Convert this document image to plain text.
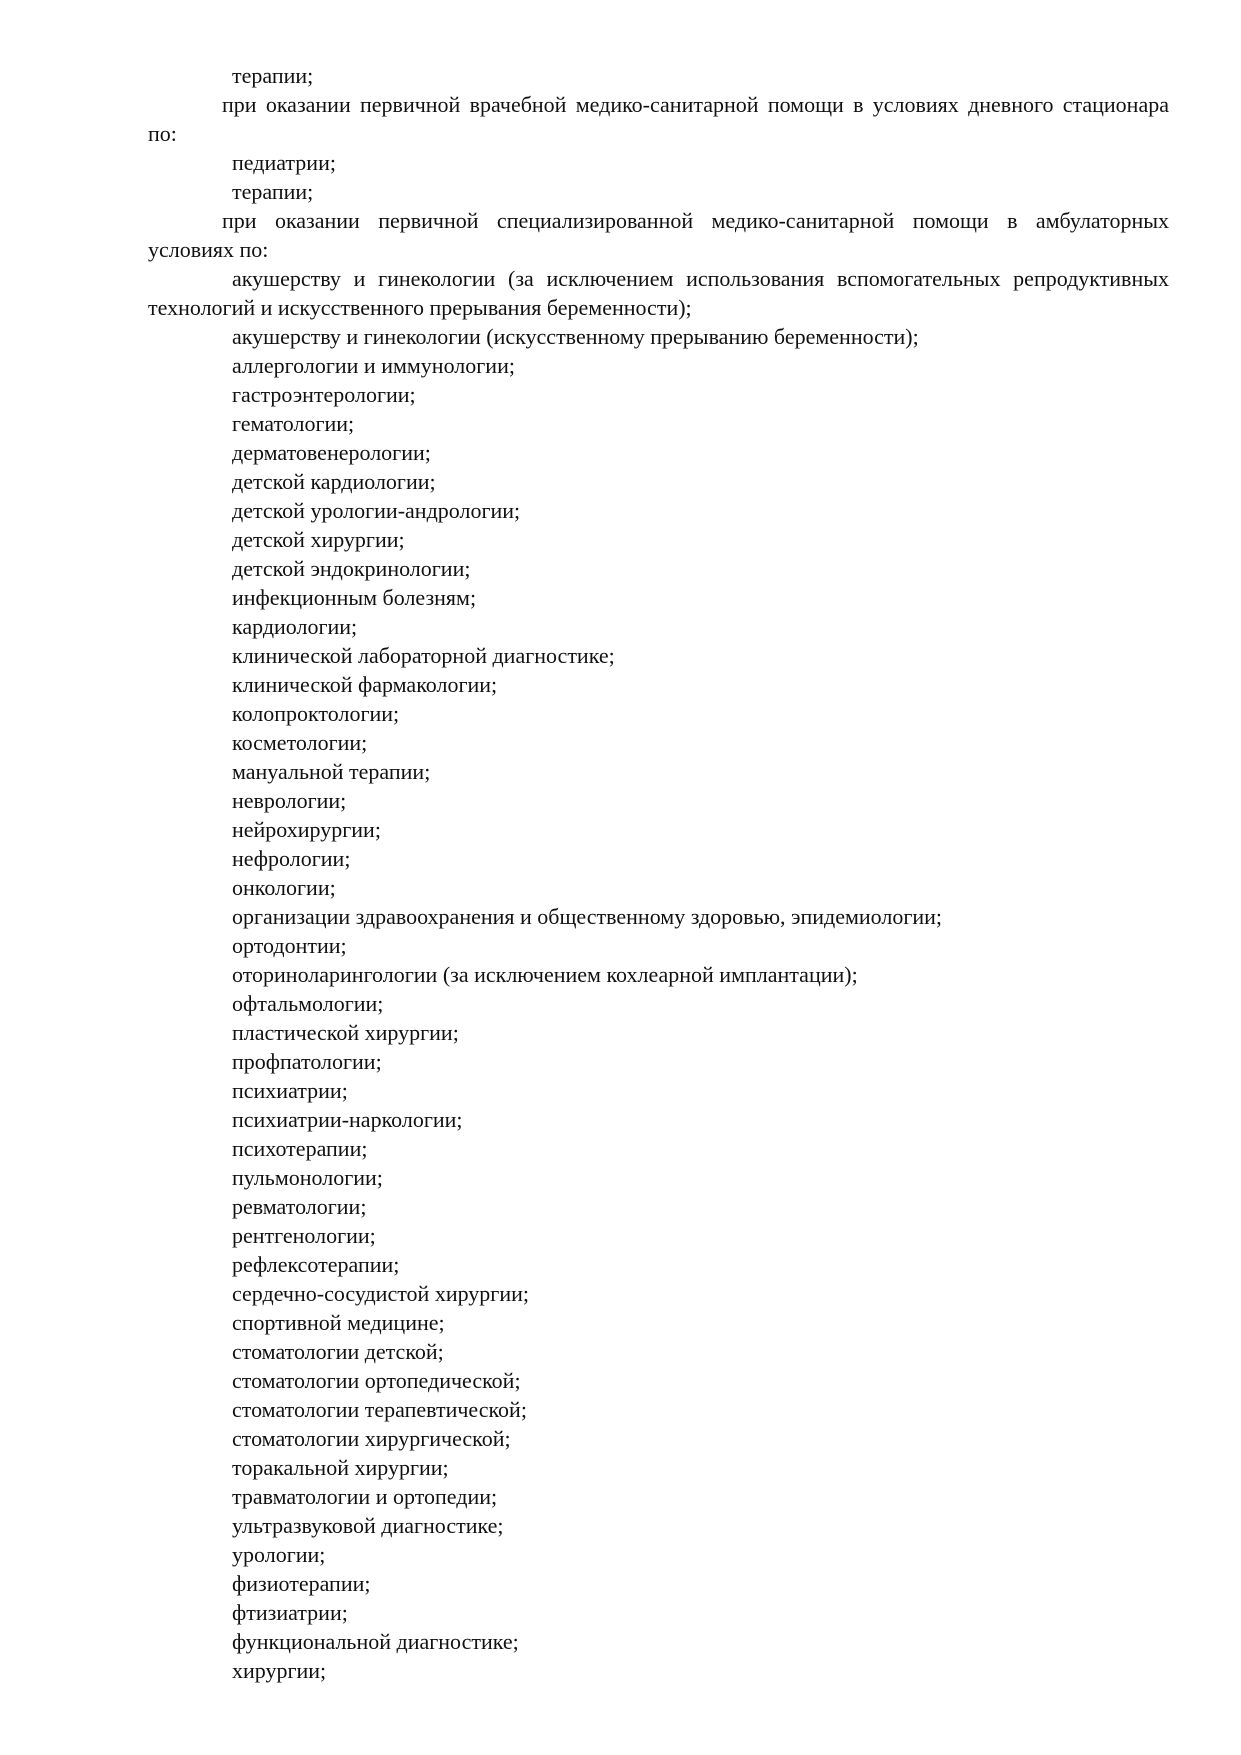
терапии;
при оказании первичной врачебной медико-санитарной помощи в условиях дневного стационара по:
педиатрии;
терапии;
при оказании первичной специализированной медико-санитарной помощи в амбулаторных условиях по:
акушерству и гинекологии (за исключением использования вспомогательных репродуктивных технологий и искусственного прерывания беременности);
акушерству и гинекологии (искусственному прерыванию беременности);
аллергологии и иммунологии;
гастроэнтерологии;
гематологии;
дерматовенерологии;
детской кардиологии;
детской урологии-андрологии;
детской хирургии;
детской эндокринологии;
инфекционным болезням;
кардиологии;
клинической лабораторной диагностике;
клинической фармакологии;
колопроктологии;
косметологии;
мануальной терапии;
неврологии;
нейрохирургии;
нефрологии;
онкологии;
организации здравоохранения и общественному здоровью, эпидемиологии;
ортодонтии;
оториноларингологии (за исключением кохлеарной имплантации);
офтальмологии;
пластической хирургии;
профпатологии;
психиатрии;
психиатрии-наркологии;
психотерапии;
пульмонологии;
ревматологии;
рентгенологии;
рефлексотерапии;
сердечно-сосудистой хирургии;
спортивной медицине;
стоматологии детской;
стоматологии ортопедической;
стоматологии терапевтической;
стоматологии хирургической;
торакальной хирургии;
травматологии и ортопедии;
ультразвуковой диагностике;
урологии;
физиотерапии;
фтизиатрии;
функциональной диагностике;
хирургии;
